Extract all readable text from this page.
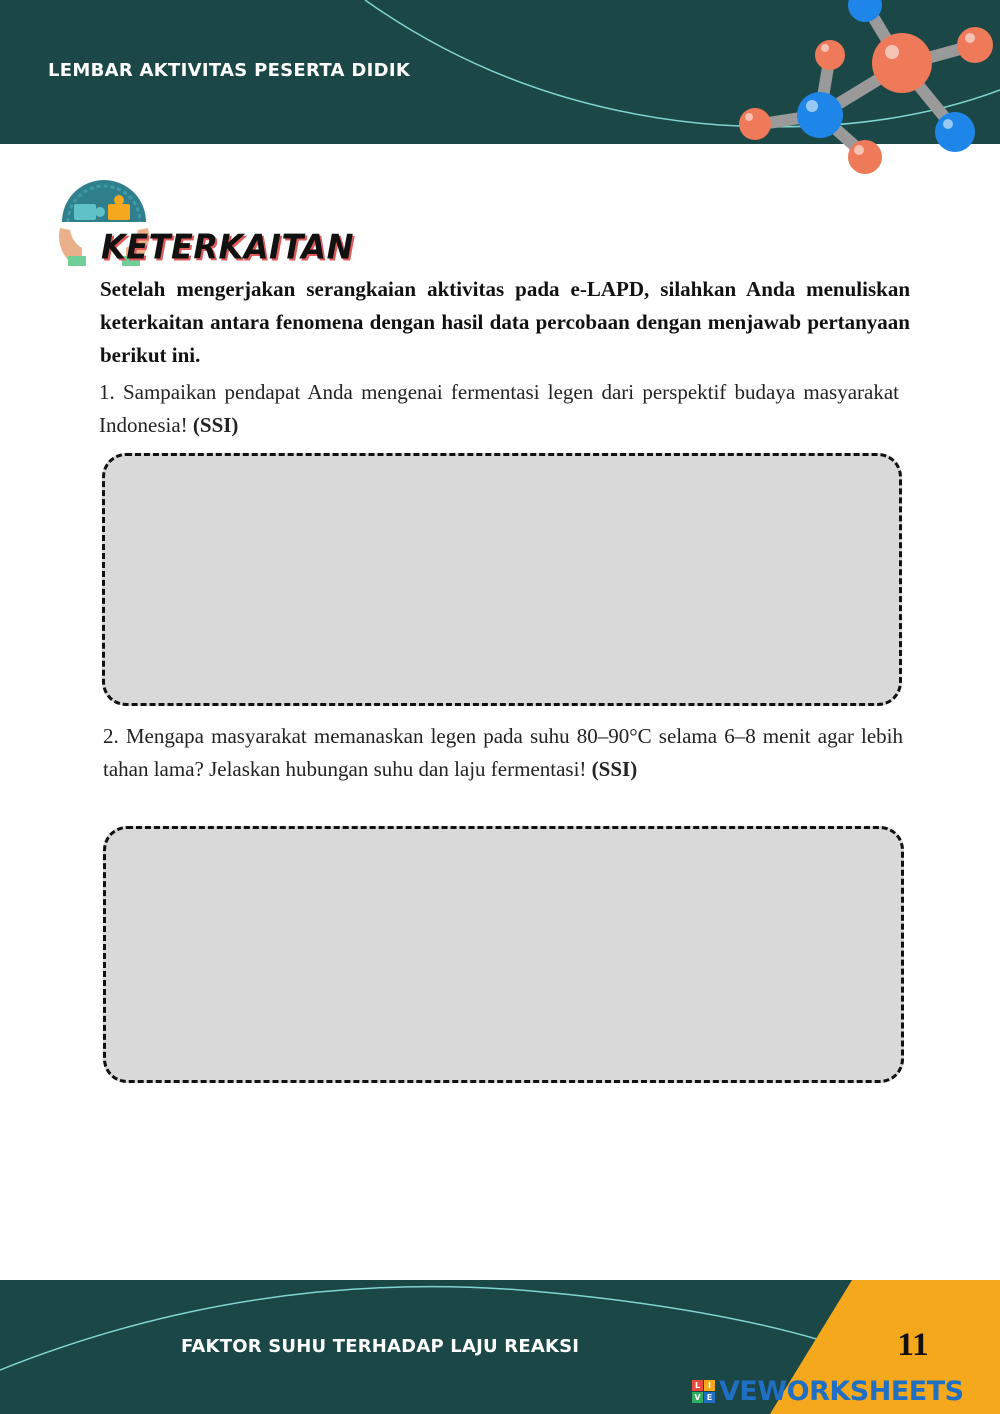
LEMBAR AKTIVITAS PESERTA DIDIK
KETERKAITAN
Setelah mengerjakan serangkaian aktivitas pada e-LAPD, silahkan Anda menuliskan keterkaitan antara fenomena dengan hasil data percobaan dengan menjawab pertanyaan berikut ini.
1. Sampaikan pendapat Anda mengenai fermentasi legen dari perspektif budaya masyarakat Indonesia! (SSI)
2. Mengapa masyarakat memanaskan legen pada suhu 80–90°C selama 6–8 menit agar lebih tahan lama? Jelaskan hubungan suhu dan laju fermentasi! (SSI)
FAKTOR SUHU TERHADAP LAJU REAKSI	11
L I
V E VEWORKSHEETS
